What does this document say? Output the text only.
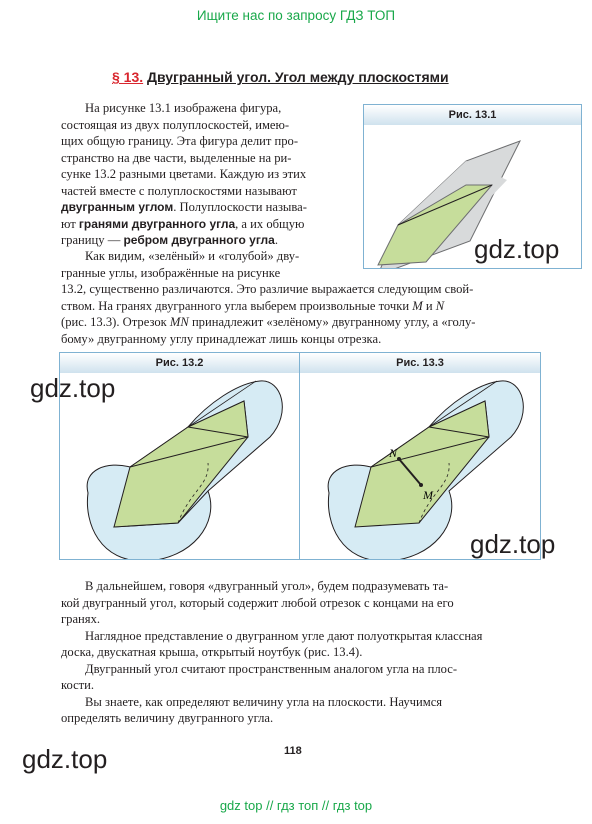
Ищите нас по запросу ГДЗ ТОП
§ 13. Двугранный угол. Угол между плоскостями

На рисунке 13.1 изображена фигура,

состоящая из двух полуплоскостей, имею-

щих общую границу. Эта фигура делит про-

странство на две части, выделенные на ри-

сунке 13.2 разными цветами. Каждую из этих

частей вместе с полуплоскостями называют

двугранным углом. Полуплоскости называ-

ют гранями двугранного угла, а их общую

границу — ребром двугранного угла.

Рис. 13.1

Как видим, «зелёный» и «голубой» дву-

гранные углы, изображённые на рисунке

13.2, существенно различаются. Это различие выражается следующим свой-

ством. На гранях двугранного угла выберем произвольные точки M и N

(рис. 13.3). Отрезок MN принадлежит «зелёному» двугранному углу, а «голу-

бому» двугранному углу принадлежат лишь концы отрезка.

Рис. 13.2	Рис. 13.3
N
M

В дальнейшем, говоря «двугранный угол», будем подразумевать та-

кой двугранный угол, который содержит любой отрезок с концами на его

гранях.

Наглядное представление о двугранном угле дают полуоткрытая классная

доска, двускатная крыша, открытый ноутбук (рис. 13.4).

Двугранный угол считают пространственным аналогом угла на плос-

кости.

Вы знаете, как определяют величину угла на плоскости. Научимся

определять величину двугранного угла.

gdz.top
gdz.top
gdz.top
gdz.top	118
gdz top // гдз топ // гдз top
